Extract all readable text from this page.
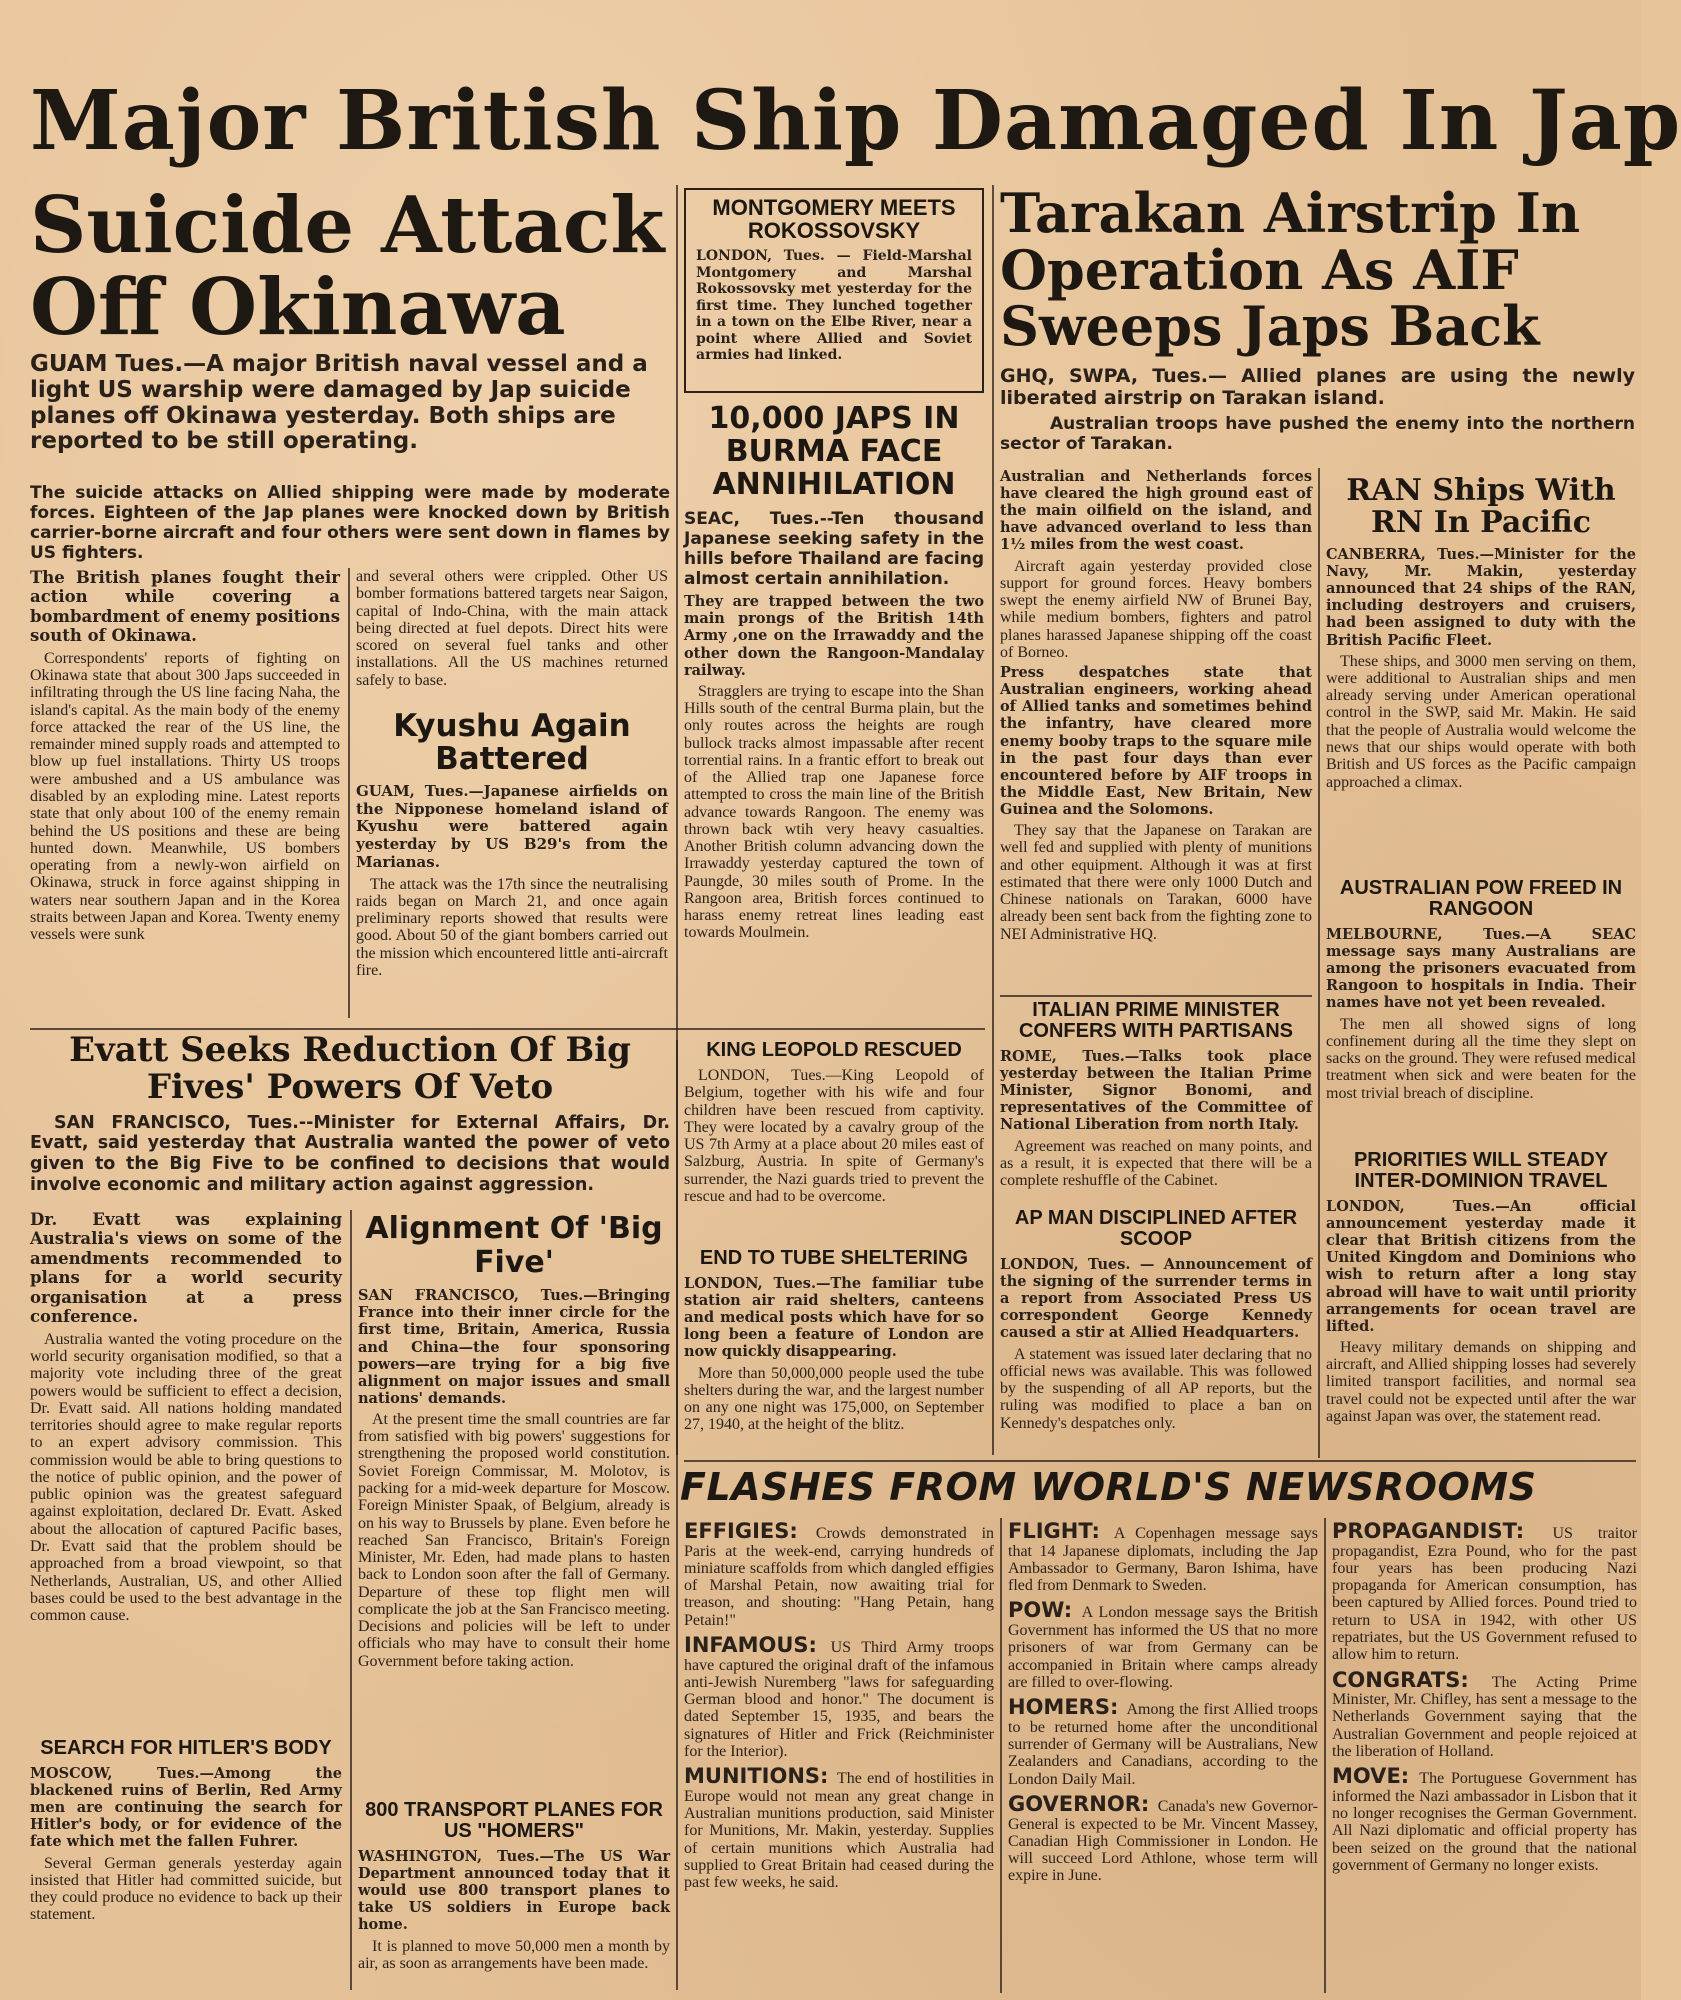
Major British Ship Damaged In Jap
Suicide Attack Off Okinawa

GUAM Tues.—A major British naval vessel and a light US warship were damaged by Jap suicide planes off Okinawa yesterday. Both ships are reported to be still operating.

The suicide attacks on Allied shipping were made by moderate forces. Eighteen of the Jap planes were knocked down by British carrier-borne aircraft and four others were sent down in flames by US fighters.

The British planes fought their action while covering a bombardment of enemy positions south of Okinawa.

Correspondents' reports of fighting on Okinawa state that about 300 Japs succeeded in infiltrating through the US line facing Naha, the island's capital. As the main body of the enemy force attacked the rear of the US line, the remainder mined supply roads and attempted to blow up fuel installations. Thirty US troops were ambushed and a US ambulance was disabled by an exploding mine. Latest reports state that only about 100 of the enemy remain behind the US positions and these are being hunted down. Meanwhile, US bombers operating from a newly-won airfield on Okinawa, struck in force against shipping in waters near southern Japan and in the Korea straits between Japan and Korea. Twenty enemy vessels were sunk

and several others were crippled. Other US bomber formations battered targets near Saigon, capital of Indo-China, with the main attack being directed at fuel depots. Direct hits were scored on several fuel tanks and other installations. All the US machines returned safely to base.

Kyushu Again Battered

GUAM, Tues.—Japanese airfields on the Nipponese homeland island of Kyushu were battered again yesterday by US B29's from the Marianas.

The attack was the 17th since the neutralising raids began on March 21, and once again preliminary reports showed that results were good. About 50 of the giant bombers carried out the mission which encountered little anti-aircraft fire.

MONTGOMERY MEETS ROKOSSOVSKY

LONDON, Tues. — Field-Marshal Montgomery and Marshal Rokossovsky met yesterday for the first time. They lunched together in a town on the Elbe River, near a point where Allied and Soviet armies had linked.

10,000 JAPS IN BURMA FACE ANNIHILATION

SEAC, Tues.--Ten thousand Japanese seeking safety in the hills before Thailand are facing almost certain annihilation.

They are trapped between the two main prongs of the British 14th Army ,one on the Irrawaddy and the other down the Rangoon-Mandalay railway.

Stragglers are trying to escape into the Shan Hills south of the central Burma plain, but the only routes across the heights are rough bullock tracks almost impassable after recent torrential rains. In a frantic effort to break out of the Allied trap one Japanese force attempted to cross the main line of the British advance towards Rangoon. The enemy was thrown back wtih very heavy casualties. Another British column advancing down the Irrawaddy yesterday captured the town of Paungde, 30 miles south of Prome. In the Rangoon area, British forces continued to harass enemy retreat lines leading east towards Moulmein.

Tarakan Airstrip In Operation As AIF Sweeps Japs Back

GHQ, SWPA, Tues.— Allied planes are using the newly liberated airstrip on Tarakan island.

Australian troops have pushed the enemy into the northern sector of Tarakan.

Australian and Netherlands forces have cleared the high ground east of the main oilfield on the island, and have advanced overland to less than 1½ miles from the west coast.

Aircraft again yesterday provided close support for ground forces. Heavy bombers swept the enemy airfield NW of Brunei Bay, while medium bombers, fighters and patrol planes harassed Japanese shipping off the coast of Borneo.

Press despatches state that Australian engineers, working ahead of Allied tanks and sometimes behind the infantry, have cleared more enemy booby traps to the square mile in the past four days than ever encountered before by AIF troops in the Middle East, New Britain, New Guinea and the Solomons.

They say that the Japanese on Tarakan are well fed and supplied with plenty of munitions and other equipment. Although it was at first estimated that there were only 1000 Dutch and Chinese nationals on Tarakan, 6000 have already been sent back from the fighting zone to NEI Administrative HQ.

RAN Ships With RN In Pacific

CANBERRA, Tues.—Minister for the Navy, Mr. Makin, yesterday announced that 24 ships of the RAN, including destroyers and cruisers, had been assigned to duty with the British Pacific Fleet.

These ships, and 3000 men serving on them, were additional to Australian ships and men already serving under American operational control in the SWP, said Mr. Makin. He said that the people of Australia would welcome the news that our ships would operate with both British and US forces as the Pacific campaign approached a climax.

AUSTRALIAN POW FREED IN RANGOON

MELBOURNE, Tues.—A SEAC message says many Australians are among the prisoners evacuated from Rangoon to hospitals in India. Their names have not yet been revealed.

The men all showed signs of long confinement during all the time they slept on sacks on the ground. They were refused medical treatment when sick and were beaten for the most trivial breach of discipline.

PRIORITIES WILL STEADY INTER-DOMINION TRAVEL

LONDON, Tues.—An official announcement yesterday made it clear that British citizens from the United Kingdom and Dominions who wish to return after a long stay abroad will have to wait until priority arrangements for ocean travel are lifted.

Heavy military demands on shipping and aircraft, and Allied shipping losses had severely limited transport facilities, and normal sea travel could not be expected until after the war against Japan was over, the statement read.

ITALIAN PRIME MINISTER CONFERS WITH PARTISANS

ROME, Tues.—Talks took place yesterday between the Italian Prime Minister, Signor Bonomi, and representatives of the Committee of National Liberation from north Italy.

Agreement was reached on many points, and as a result, it is expected that there will be a complete reshuffle of the Cabinet.

AP MAN DISCIPLINED AFTER SCOOP

LONDON, Tues. — Announcement of the signing of the surrender terms in a report from Associated Press US correspondent George Kennedy caused a stir at Allied Headquarters.

A statement was issued later declaring that no official news was available. This was followed by the suspending of all AP reports, but the ruling was modified to place a ban on Kennedy's despatches only.

Evatt Seeks Reduction Of Big Fives' Powers Of Veto

SAN FRANCISCO, Tues.--Minister for External Affairs, Dr. Evatt, said yesterday that Australia wanted the power of veto given to the Big Five to be confined to decisions that would involve economic and military action against aggression.

Dr. Evatt was explaining Australia's views on some of the amendments recommended to plans for a world security organisation at a press conference.

Australia wanted the voting procedure on the world security organisation modified, so that a majority vote including three of the great powers would be sufficient to effect a decision, Dr. Evatt said. All nations holding mandated territories should agree to make regular reports to an expert advisory commission. This commission would be able to bring questions to the notice of public opinion, and the power of public opinion was the greatest safeguard against exploitation, declared Dr. Evatt. Asked about the allocation of captured Pacific bases, Dr. Evatt said that the problem should be approached from a broad viewpoint, so that Netherlands, Australian, US, and other Allied bases could be used to the best advantage in the common cause.

SEARCH FOR HITLER'S BODY

MOSCOW, Tues.—Among the blackened ruins of Berlin, Red Army men are continuing the search for Hitler's body, or for evidence of the fate which met the fallen Fuhrer.

Several German generals yesterday again insisted that Hitler had committed suicide, but they could produce no evidence to back up their statement.

Alignment Of 'Big Five'

SAN FRANCISCO, Tues.—Bringing France into their inner circle for the first time, Britain, America, Russia and China—the four sponsoring powers—are trying for a big five alignment on major issues and small nations' demands.

At the present time the small countries are far from satisfied with big powers' suggestions for strengthening the proposed world constitution. Soviet Foreign Commissar, M. Molotov, is packing for a mid-week departure for Moscow. Foreign Minister Spaak, of Belgium, already is on his way to Brussels by plane. Even before he reached San Francisco, Britain's Foreign Minister, Mr. Eden, had made plans to hasten back to London soon after the fall of Germany. Departure of these top flight men will complicate the job at the San Francisco meeting. Decisions and policies will be left to under officials who may have to consult their home Government before taking action.

800 TRANSPORT PLANES FOR US "HOMERS"

WASHINGTON, Tues.—The US War Department announced today that it would use 800 transport planes to take US soldiers in Europe back home.

It is planned to move 50,000 men a month by air, as soon as arrangements have been made.

KING LEOPOLD RESCUED

LONDON, Tues.—King Leopold of Belgium, together with his wife and four children have been rescued from captivity. They were located by a cavalry group of the US 7th Army at a place about 20 miles east of Salzburg, Austria. In spite of Germany's surrender, the Nazi guards tried to prevent the rescue and had to be overcome.

END TO TUBE SHELTERING

LONDON, Tues.—The familiar tube station air raid shelters, canteens and medical posts which have for so long been a feature of London are now quickly disappearing.

More than 50,000,000 people used the tube shelters during the war, and the largest number on any one night was 175,000, on September 27, 1940, at the height of the blitz.

FLASHES FROM WORLD'S NEWSROOMS

EFFIGIES: Crowds demonstrated in Paris at the week-end, carrying hundreds of miniature scaffolds from which dangled effigies of Marshal Petain, now awaiting trial for treason, and shouting: "Hang Petain, hang Petain!"

INFAMOUS: US Third Army troops have captured the original draft of the infamous anti-Jewish Nuremberg "laws for safeguarding German blood and honor." The document is dated September 15, 1935, and bears the signatures of Hitler and Frick (Reichminister for the Interior).

MUNITIONS: The end of hostilities in Europe would not mean any great change in Australian munitions production, said Minister for Munitions, Mr. Makin, yesterday. Supplies of certain munitions which Australia had supplied to Great Britain had ceased during the past few weeks, he said.

FLIGHT: A Copenhagen message says that 14 Japanese diplomats, including the Jap Ambassador to Germany, Baron Ishima, have fled from Denmark to Sweden.

POW: A London message says the British Government has informed the US that no more prisoners of war from Germany can be accompanied in Britain where camps already are filled to over-flowing.

HOMERS: Among the first Allied troops to be returned home after the unconditional surrender of Germany will be Australians, New Zealanders and Canadians, according to the London Daily Mail.

GOVERNOR: Canada's new Governor-General is expected to be Mr. Vincent Massey, Canadian High Commissioner in London. He will succeed Lord Athlone, whose term will expire in June.

PROPAGANDIST: US traitor propagandist, Ezra Pound, who for the past four years has been producing Nazi propaganda for American consumption, has been captured by Allied forces. Pound tried to return to USA in 1942, with other US repatriates, but the US Government refused to allow him to return.

CONGRATS: The Acting Prime Minister, Mr. Chifley, has sent a message to the Netherlands Government saying that the Australian Government and people rejoiced at the liberation of Holland.

MOVE: The Portuguese Government has informed the Nazi ambassador in Lisbon that it no longer recognises the German Government. All Nazi diplomatic and official property has been seized on the ground that the national government of Germany no longer exists.
